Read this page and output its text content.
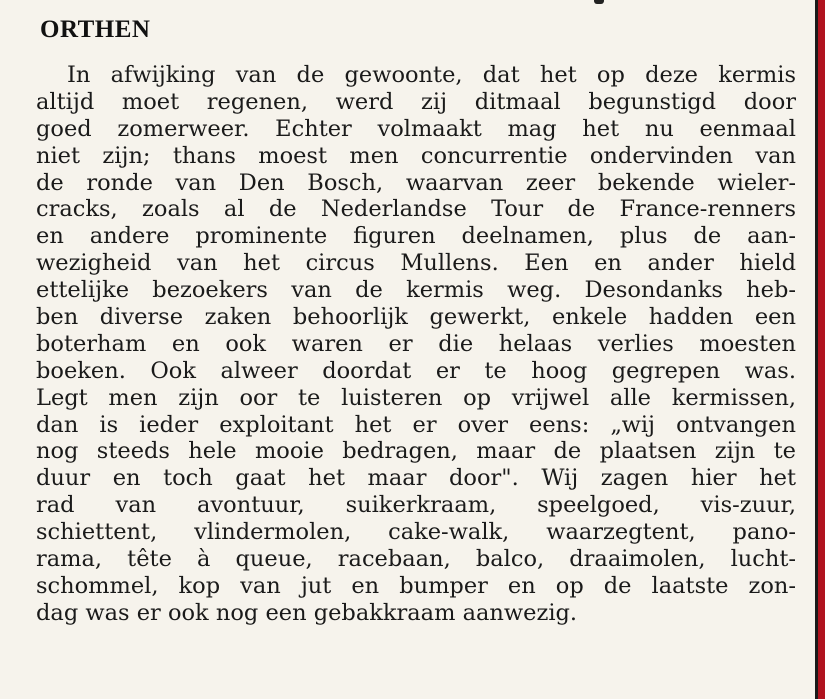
ORTHEN
In afwijking van de gewoonte, dat het op deze kermis
altijd moet regenen, werd zij ditmaal begunstigd door
goed zomerweer. Echter volmaakt mag het nu eenmaal
niet zijn; thans moest men concurrentie ondervinden van
de ronde van Den Bosch, waarvan zeer bekende wieler-
cracks, zoals al de Nederlandse Tour de France-renners
en andere prominente figuren deelnamen, plus de aan-
wezigheid van het circus Mullens. Een en ander hield
ettelijke bezoekers van de kermis weg. Desondanks heb-
ben diverse zaken behoorlijk gewerkt, enkele hadden een
boterham en ook waren er die helaas verlies moesten
boeken. Ook alweer doordat er te hoog gegrepen was.
Legt men zijn oor te luisteren op vrijwel alle kermissen,
dan is ieder exploitant het er over eens: „wij ontvangen
nog steeds hele mooie bedragen, maar de plaatsen zijn te
duur en toch gaat het maar door". Wij zagen hier het
rad van avontuur, suikerkraam, speelgoed, vis-zuur,
schiettent, vlindermolen, cake-walk, waarzegtent, pano-
rama, tête à queue, racebaan, balco, draaimolen, lucht-
schommel, kop van jut en bumper en op de laatste zon-
dag was er ook nog een gebakkraam aanwezig.
